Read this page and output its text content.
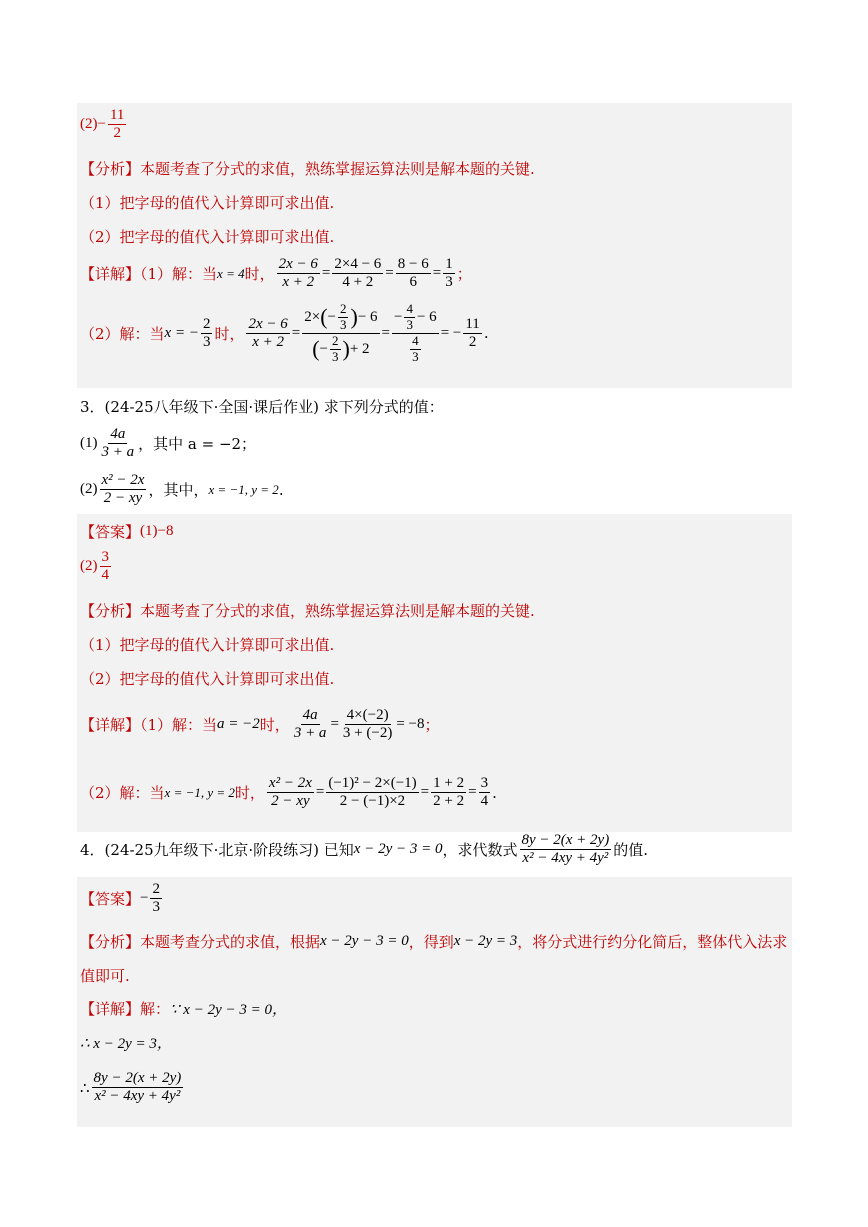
$(2) - \frac{11}{2}$
【分析】本题考查了分式的求值，熟练掌握运算法则是解本题的关键.
（1）把字母的值代入计算即可求出值.
（2）把字母的值代入计算即可求出值.
【详解】（1）解：当 x = 4 时， $\frac{2x - 6}{x + 2} = \frac{2\times 4 - 6}{4 + 2} = \frac{8 - 6}{6} = \frac{1}{3}$ ；
（2）解：当 x = − $\frac{2}{3}$ 时， $\frac{2x - 6}{x + 2} = \frac{2\times ( - \frac{2}{3} ) - 6}{( - \frac{2}{3} ) + 2} = \frac{- \frac{4}{3} - 6}{\frac{4}{3}}$ = − $\frac{11}{2}$ .
3．(24-25八年级下·全国·课后作业) 求下列分式的值：
$(1) \frac{4a}{3 + a}$ ，其中 a = −2；
$(2) \frac{\text{x² − 2x}}{2 - xy}$ ，其中， x = −1, y = 2 .
【答案】 (1)−8
$(2) \frac{3}{4}$
【分析】本题考查了分式的求值，熟练掌握运算法则是解本题的关键.
（1）把字母的值代入计算即可求出值.
（2）把字母的值代入计算即可求出值.
【详解】（1）解：当 a = −2 时， $\frac{4a}{3 + a} = \frac{4\times(-2)}{3 + (-2)} = -8$ ；
（2）解：当 x = −1, y = 2 时， $\frac{\text{x² − 2x}}{2 - xy} = \frac{\text{(−1)² − 2×(−1)}}{2 - (-1)\times 2} = \frac{1 + 2}{2 + 2} = \frac{3}{4}$ .
4．(24-25九年级下·北京·阶段练习) 已知 x − 2y − 3 = 0 ，求代数式 $\frac{8y - 2(x + 2y)}{\text{x² − 4xy + 4y²}}$ 的值.
【答案】 − $\frac{2}{3}$
【分析】本题考查分式的求值，根据 x − 2y − 3 = 0 ，得到 x − 2y = 3 ，将分式进行约分化简后，整体代入法求
值即可.
【详解】解： ∵ x − 2y − 3 = 0，
∴ x − 2y = 3，
∴ $\frac{8y - 2(x + 2y)}{\text{x² − 4xy + 4y²}}$
